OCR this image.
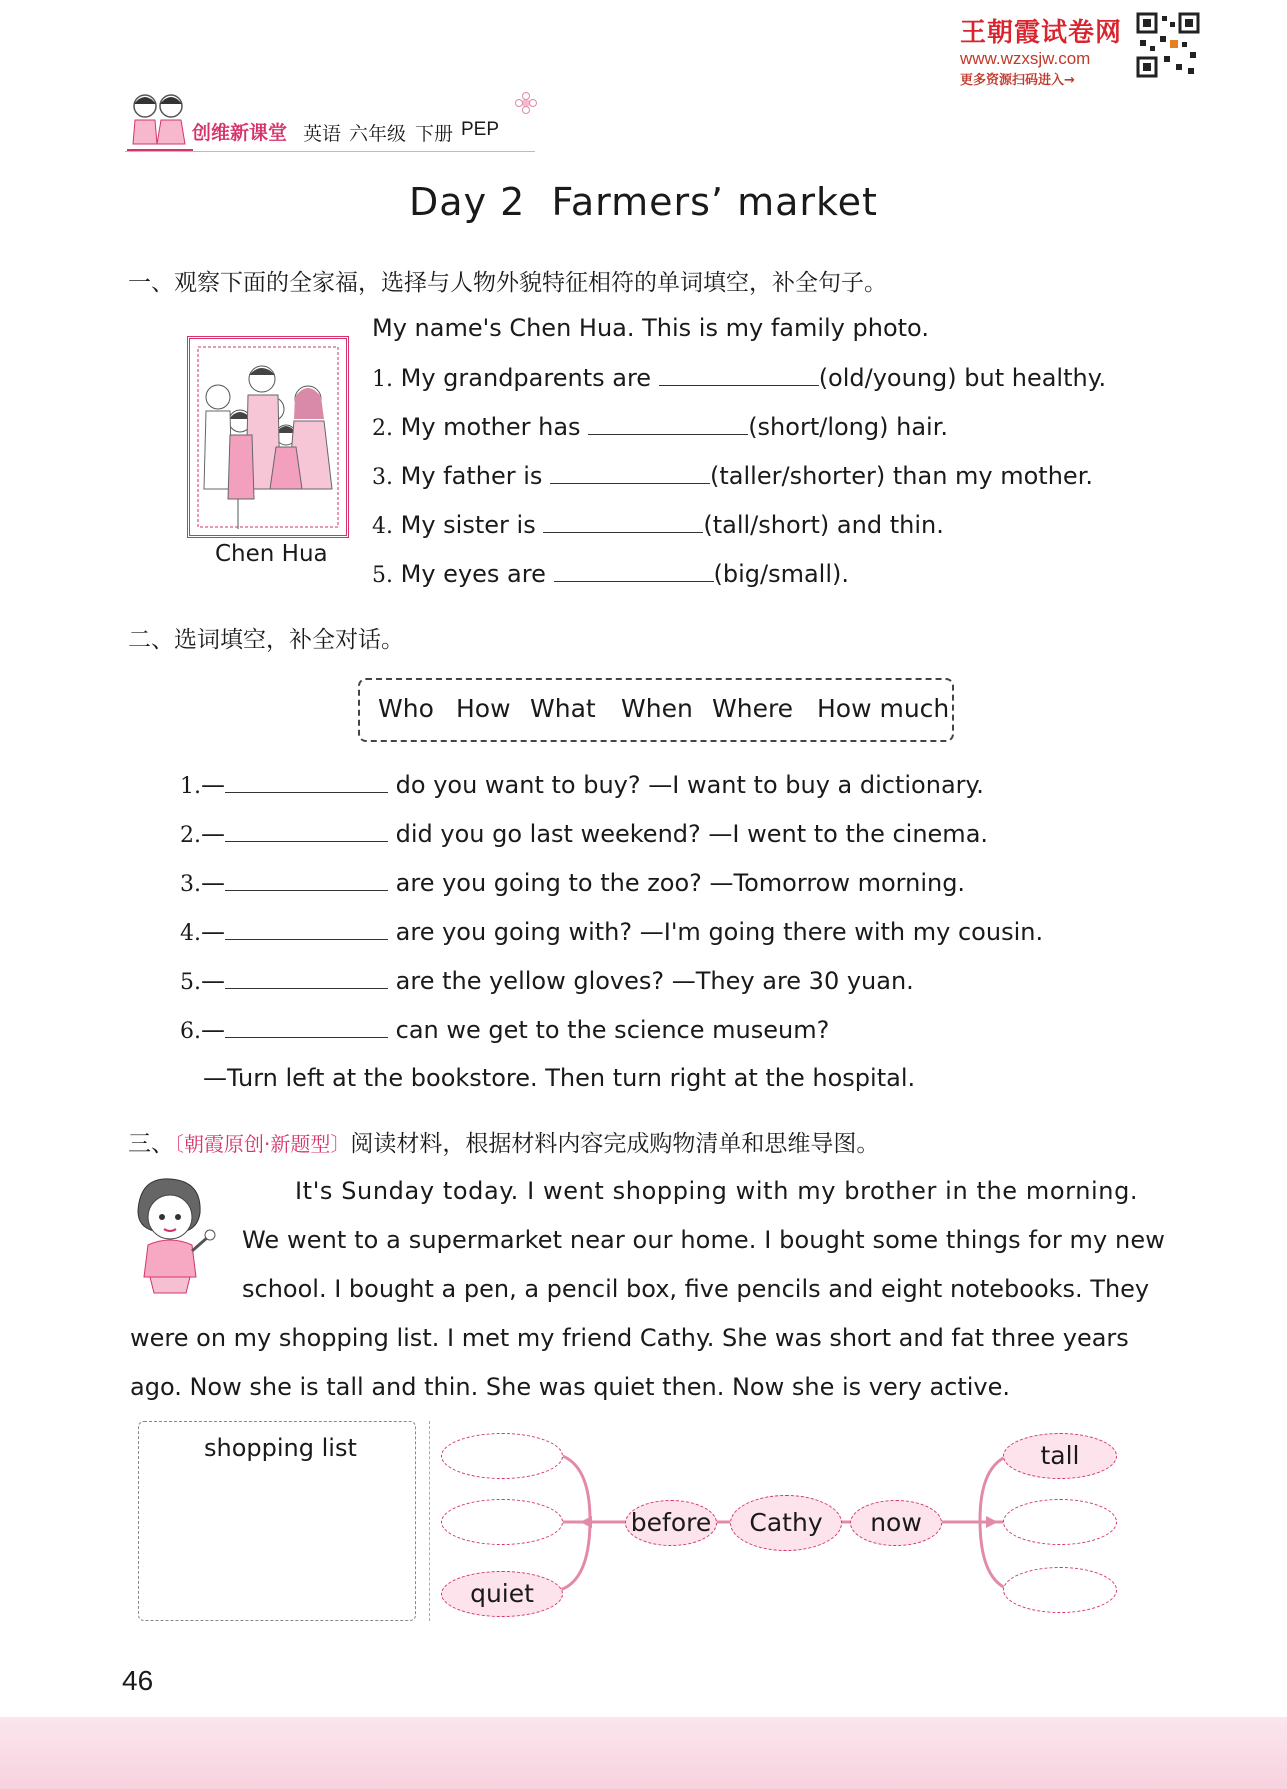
王朝霞试卷网
www.wzxsjw.com
更多资源扫码进入→
创维新课堂 英语 六年级 下册 PEP
Day 2  Farmers’ market
一、观察下面的全家福，选择与人物外貌特征相符的单词填空，补全句子。
Chen Hua
My name's Chen Hua. This is my family photo.
1. My grandparents are	(old/young) but healthy.
2. My mother has	(short/long) hair.
3. My father is	(taller/shorter) than my mother.
4. My sister is	(tall/short) and thin.
5. My eyes are	(big/small).
二、选词填空，补全对话。
Who How What When Where How much
1.—	do you want to buy? —I want to buy a dictionary.
2.—	did you go last weekend? —I went to the cinema.
3.—	are you going to the zoo? —Tomorrow morning.
4.—	are you going with? —I'm going there with my cousin.
5.—	are the yellow gloves? —They are 30 yuan.
6.—	can we get to the science museum?
—Turn left at the bookstore. Then turn right at the hospital.
三、〔朝霞原创·新题型〕阅读材料，根据材料内容完成购物清单和思维导图。
It's Sunday today. I went shopping with my brother in the morning.
We went to a supermarket near our home. I bought some things for my new
school. I bought a pen, a pencil box, five pencils and eight notebooks. They
were on my shopping list. I met my friend Cathy. She was short and fat three years
ago. Now she is tall and thin. She was quiet then. Now she is very active.
shopping list
quiet
before	Cathy	now
tall
46
